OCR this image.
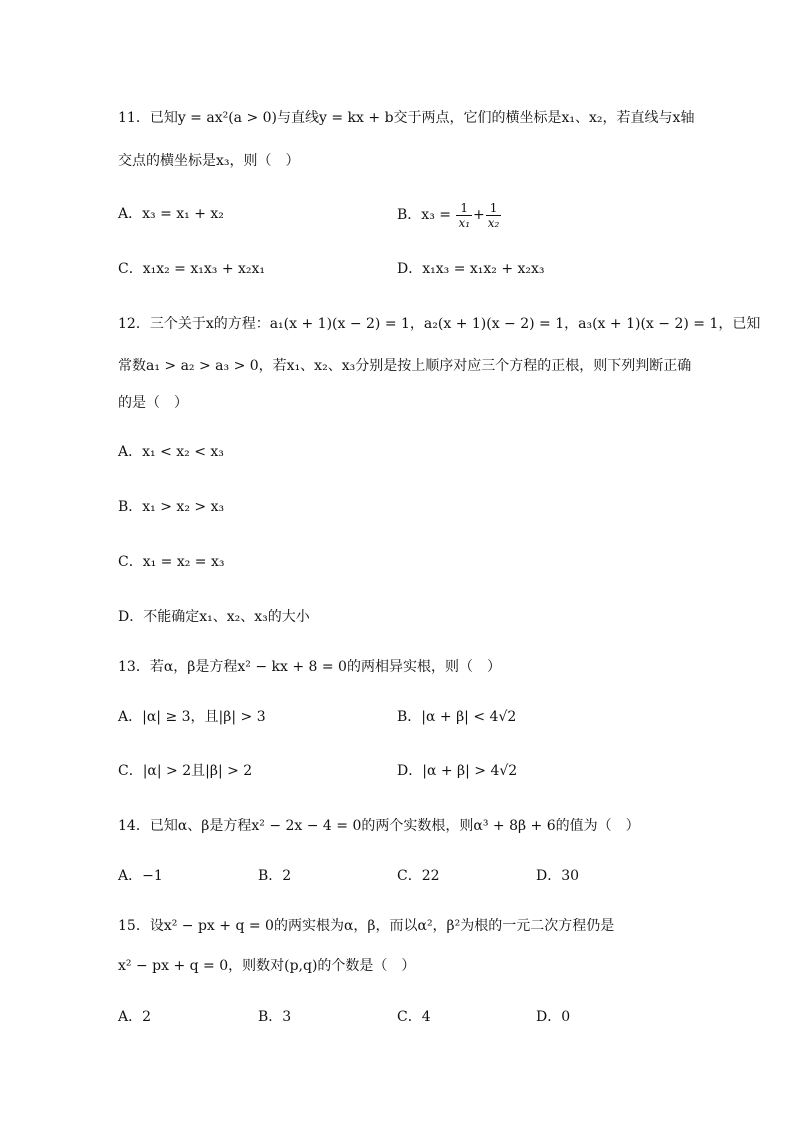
11．已知y = ax²(a > 0)与直线y = kx + b交于两点，它们的横坐标是x₁、x₂，若直线与x轴
交点的横坐标是x₃，则（　）
A．x₃ = x₁ + x₂	B．$x_3 = \frac{1}{\text{x₁}} + \frac{1}{\text{x₂}}$
C．x₁x₂ = x₁x₃ + x₂x₁	D．x₁x₃ = x₁x₂ + x₂x₃
12．三个关于x的方程：a₁(x + 1)(x − 2) = 1，a₂(x + 1)(x − 2) = 1，a₃(x + 1)(x − 2) = 1，已知
常数a₁ > a₂ > a₃ > 0，若x₁、x₂、x₃分别是按上顺序对应三个方程的正根，则下列判断正确
的是（　）
A．x₁ < x₂ < x₃
B．x₁ > x₂ > x₃
C．x₁ = x₂ = x₃
D．不能确定x₁、x₂、x₃的大小
13．若α，β是方程x² − kx + 8 = 0的两相异实根，则（　）
A．|α| ≥ 3，且|β| > 3	B．|α + β| < 4√2
C．|α| > 2且|β| > 2	D．|α + β| > 4√2
14．已知α、β是方程x² − 2x − 4 = 0的两个实数根，则α³ + 8β + 6的值为（　）
A．−1	B．2	C．22	D．30
15．设x² − px + q = 0的两实根为α，β，而以α²，β²为根的一元二次方程仍是
x² − px + q = 0，则数对(p,q)的个数是（　）
A．2	B．3	C．4	D．0
